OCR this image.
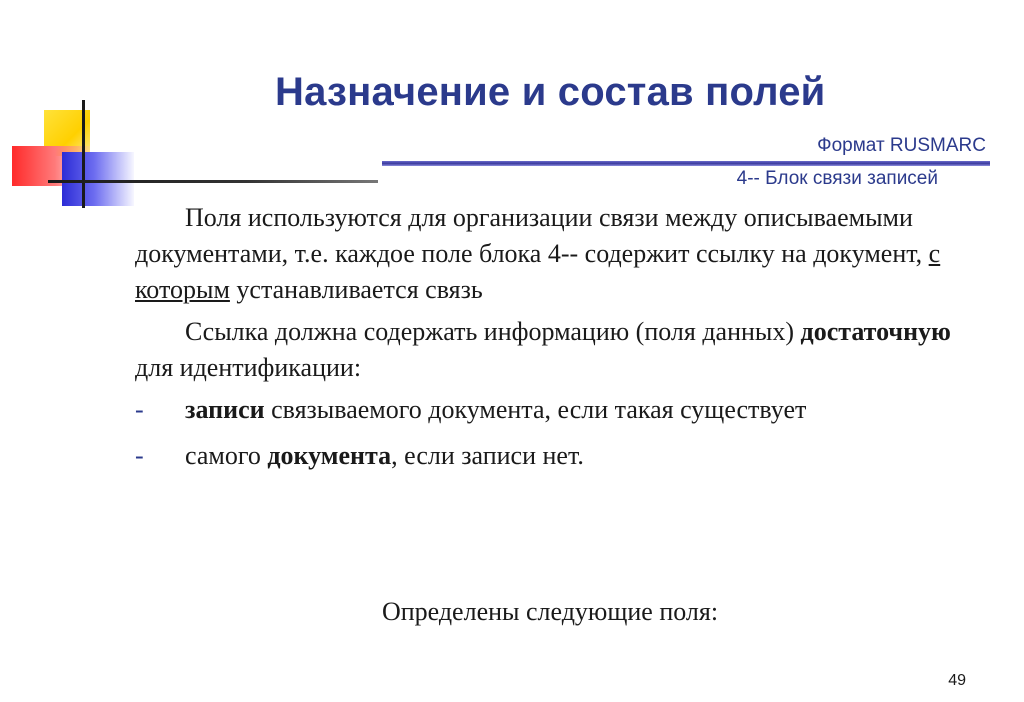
Назначение и состав полей
Формат RUSMARC
4-- Блок связи записей

Поля используются для организации связи между описываемыми документами, т.е. каждое поле блока 4-- содержит ссылку на документ, с которым устанавливается связь

Ссылка должна содержать информацию (поля данных) достаточную для идентификации:

- записи связываемого документа, если такая существует
- самого документа, если записи нет.
Определены следующие поля:
49
